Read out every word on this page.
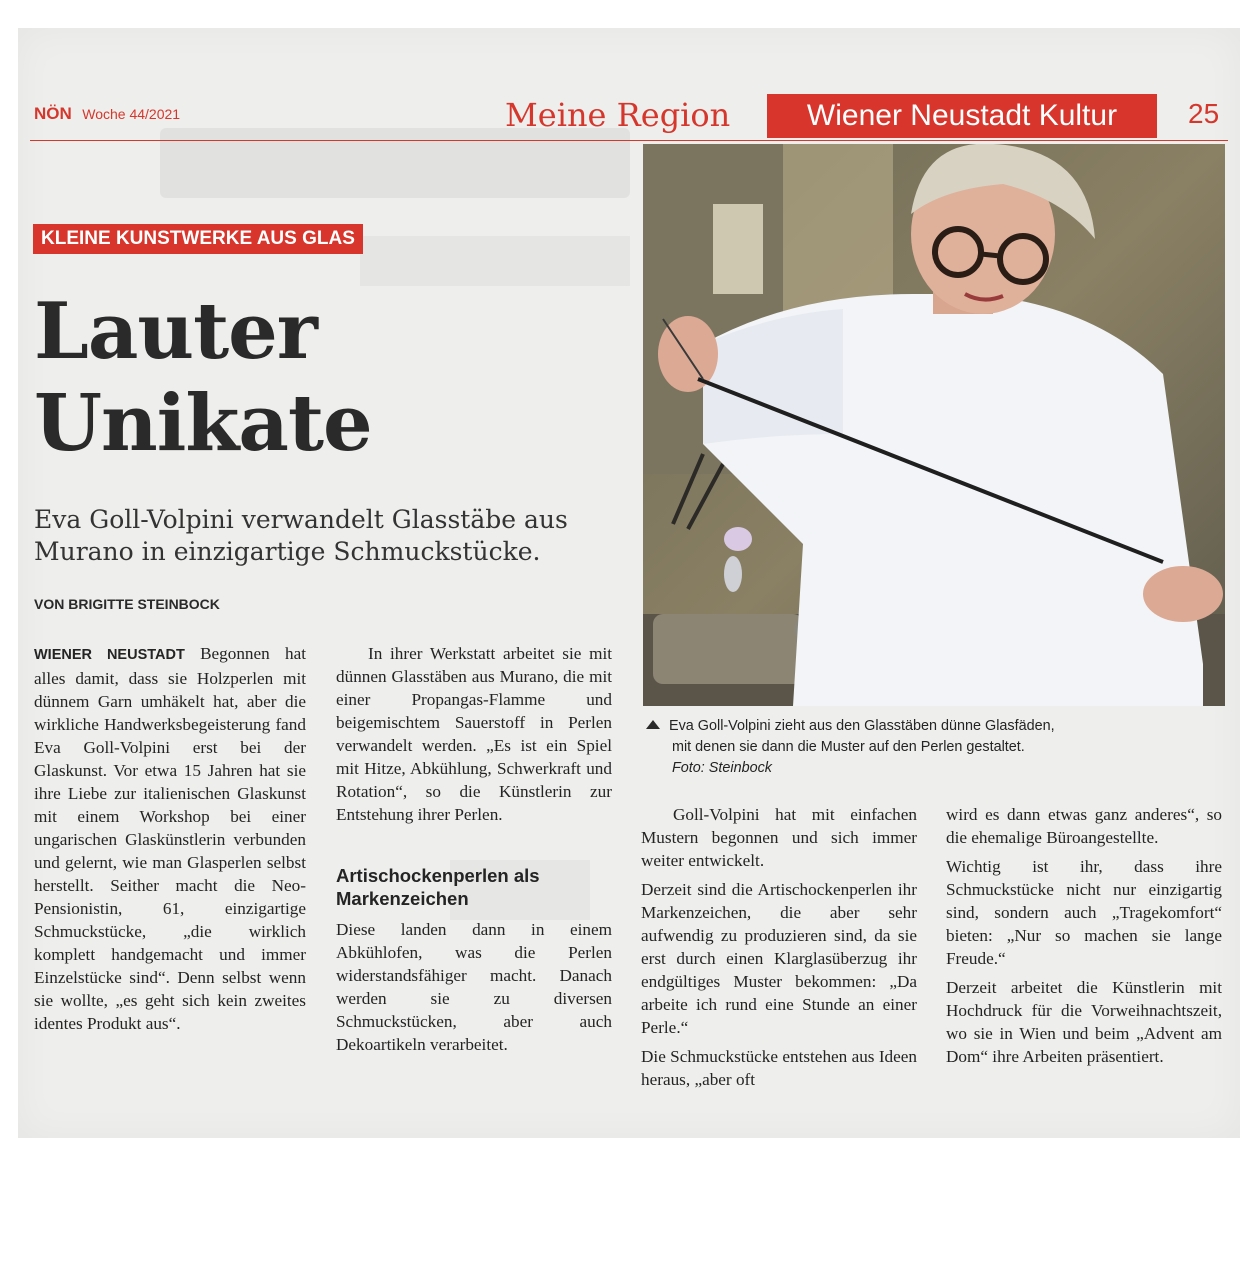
NÖN Woche 44/2021	Meine Region	Wiener Neustadt Kultur	25
KLEINE KUNSTWERKE AUS GLAS
Lauter
Unikate
Eva Goll-Volpini verwandelt Glasstäbe aus Murano in einzigartige Schmuckstücke.
VON BRIGITTE STEINBOCK
Eva Goll-Volpini zieht aus den Glasstäben dünne Glasfäden,
mit denen sie dann die Muster auf den Perlen gestaltet.
Foto: Steinbock

WIENER NEUSTADT Begonnen hat alles damit, dass sie Holzperlen mit dünnem Garn umhäkelt hat, aber die wirkliche Handwerksbegeisterung fand Eva Goll-Volpini erst bei der Glaskunst. Vor etwa 15 Jahren hat sie ihre Liebe zur italienischen Glaskunst mit einem Workshop bei einer ungarischen Glaskünstlerin verbunden und gelernt, wie man Glasperlen selbst herstellt. Seither macht die Neo-Pensionistin, 61, einzigartige Schmuckstücke, „die wirklich komplett handgemacht und immer Einzelstücke sind“. Denn selbst wenn sie wollte, „es geht sich kein zweites identes Produkt aus“.

In ihrer Werkstatt arbeitet sie mit dünnen Glasstäben aus Murano, die mit einer Propangas-Flamme und beigemischtem Sauerstoff in Perlen verwandelt werden. „Es ist ein Spiel mit Hitze, Abkühlung, Schwerkraft und Rotation“, so die Künstlerin zur Entstehung ihrer Perlen.

Artischockenperlen als Markenzeichen

Diese landen dann in einem Abkühlofen, was die Perlen widerstandsfähiger macht. Danach werden sie zu diversen Schmuckstücken, aber auch Dekoartikeln verarbeitet.

Goll-Volpini hat mit einfachen Mustern begonnen und sich immer weiter entwickelt.

Derzeit sind die Artischockenperlen ihr Markenzeichen, die aber sehr aufwendig zu produzieren sind, da sie erst durch einen Klarglasüberzug ihr endgültiges Muster bekommen: „Da arbeite ich rund eine Stunde an einer Perle.“

Die Schmuckstücke entstehen aus Ideen heraus, „aber oft

wird es dann etwas ganz anderes“, so die ehemalige Büroangestellte.

Wichtig ist ihr, dass ihre Schmuckstücke nicht nur einzigartig sind, sondern auch „Tragekomfort“ bieten: „Nur so machen sie lange Freude.“

Derzeit arbeitet die Künstlerin mit Hochdruck für die Vorweihnachtszeit, wo sie in Wien und beim „Advent am Dom“ ihre Arbeiten präsentiert.
